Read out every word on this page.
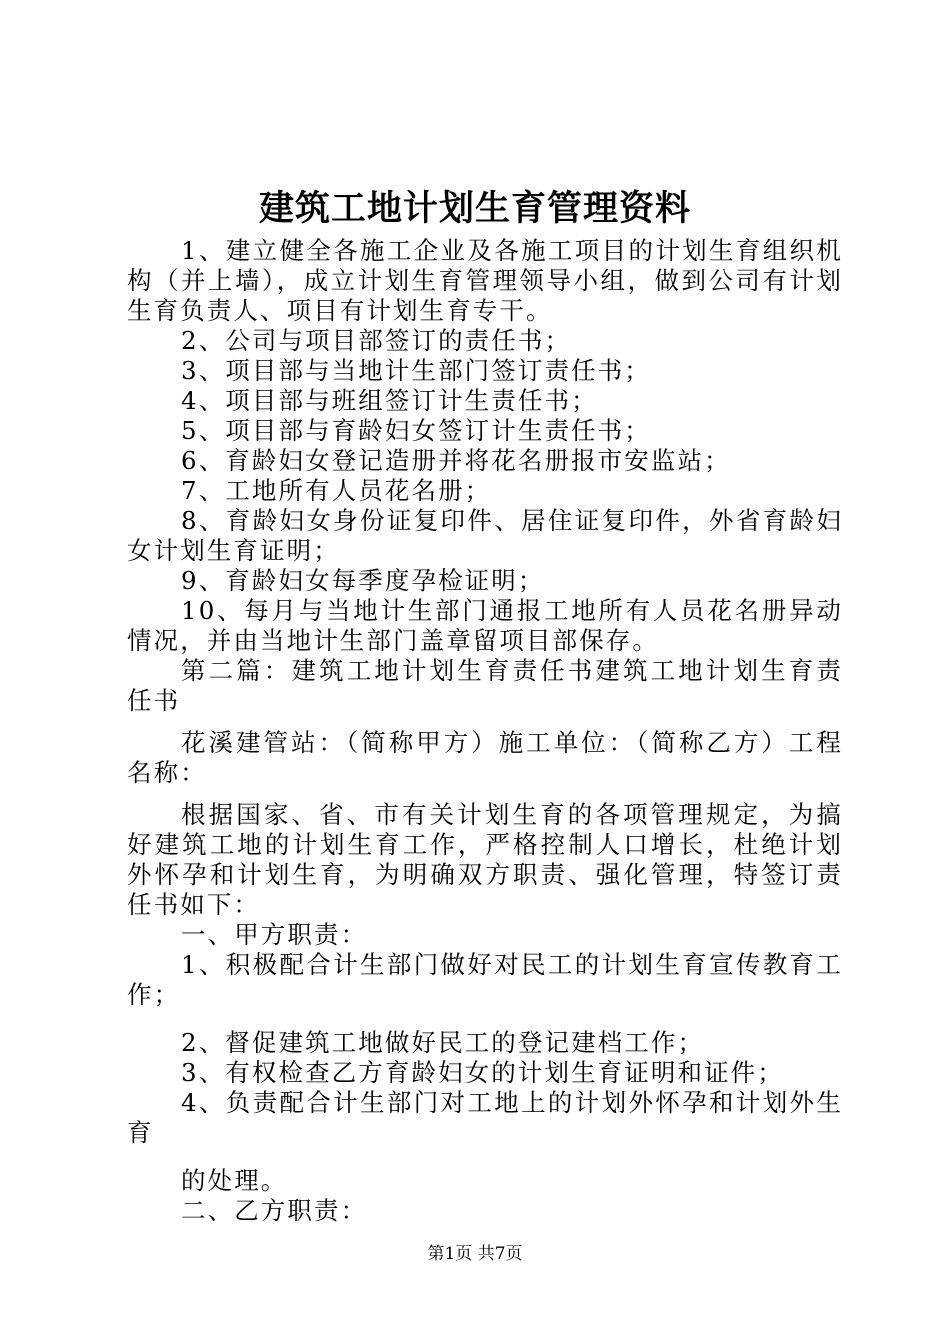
建筑工地计划生育管理资料

1、建立健全各施工企业及各施工项目的计划生育组织机构（并上墙），成立计划生育管理领导小组，做到公司有计划生育负责人、项目有计划生育专干。

2、公司与项目部签订的责任书；

3、项目部与当地计生部门签订责任书；

4、项目部与班组签订计生责任书；

5、项目部与育龄妇女签订计生责任书；

6、育龄妇女登记造册并将花名册报市安监站；

7、工地所有人员花名册；

8、育龄妇女身份证复印件、居住证复印件，外省育龄妇女计划生育证明；

9、育龄妇女每季度孕检证明；

10、每月与当地计生部门通报工地所有人员花名册异动情况，并由当地计生部门盖章留项目部保存。

第二篇：建筑工地计划生育责任书建筑工地计划生育责任书

花溪建管站：（简称甲方）施工单位：（简称乙方）工程名称：

根据国家、省、市有关计划生育的各项管理规定，为搞好建筑工地的计划生育工作，严格控制人口增长，杜绝计划外怀孕和计划生育，为明确双方职责、强化管理，特签订责任书如下：

一、甲方职责：

1、积极配合计生部门做好对民工的计划生育宣传教育工作；

2、督促建筑工地做好民工的登记建档工作；

3、有权检查乙方育龄妇女的计划生育证明和证件；

4、负责配合计生部门对工地上的计划外怀孕和计划外生育

的处理。

二、乙方职责：

第1页 共7页
